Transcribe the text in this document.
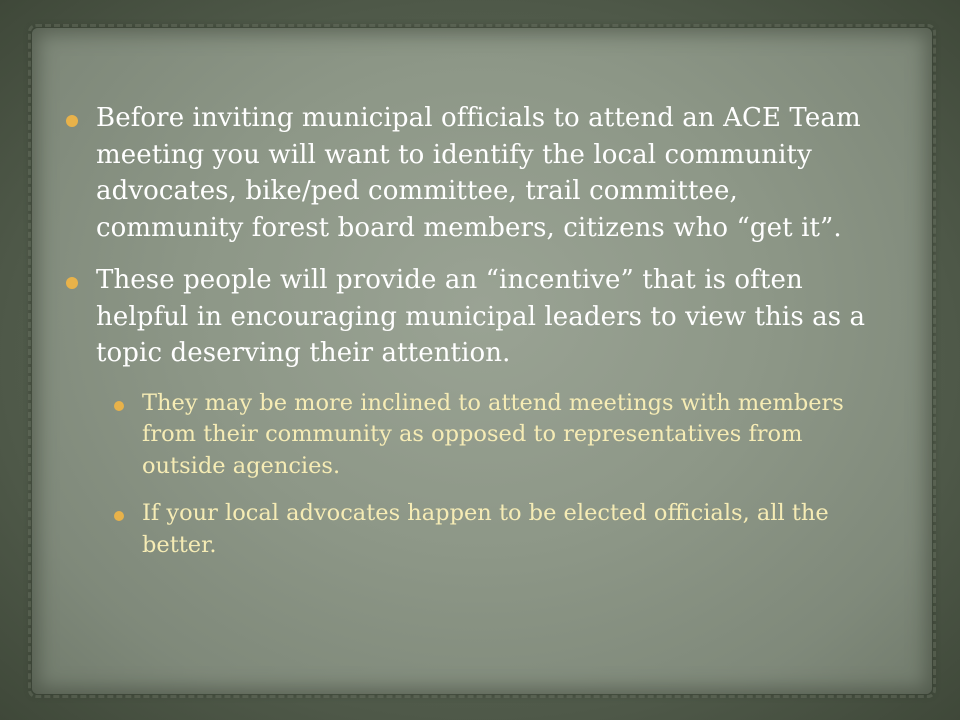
Before inviting municipal officials to attend an ACE Team meeting you will want to identify the local community advocates, bike/ped committee, trail committee, community forest board members, citizens who “get it”.
These people will provide an “incentive” that is often helpful in encouraging municipal leaders to view this as a topic deserving their attention.
They may be more inclined to attend meetings with members from their community as opposed to representatives from outside agencies.
If your local advocates happen to be elected officials, all the better.
